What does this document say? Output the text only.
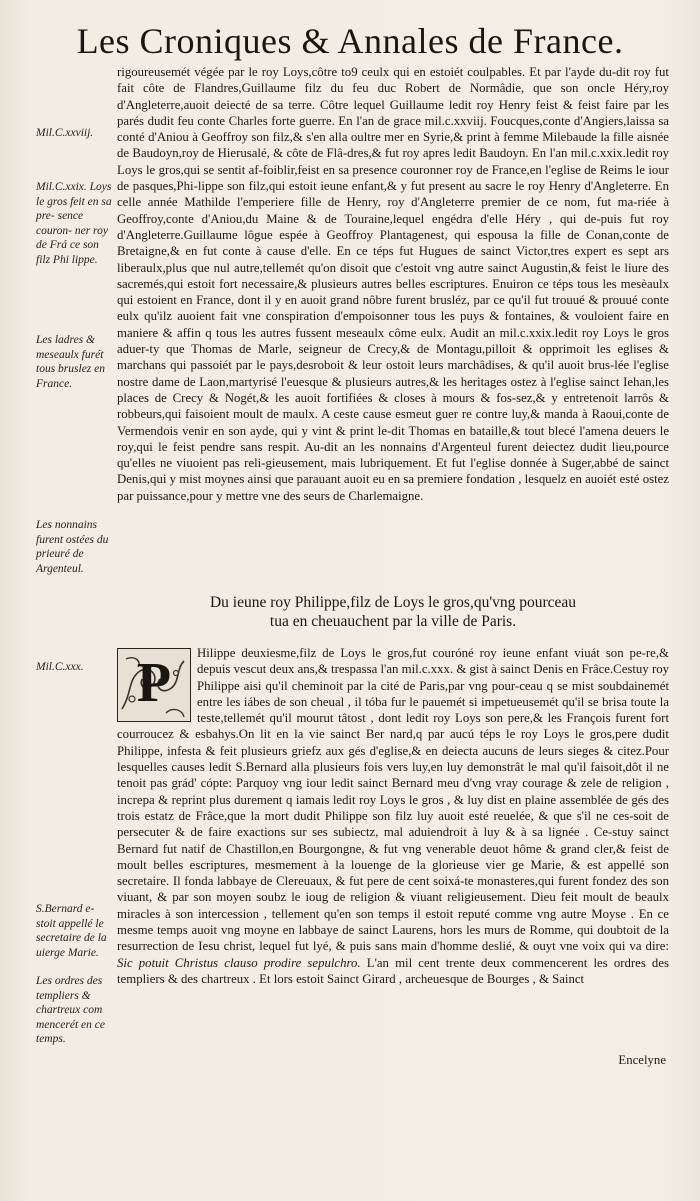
Les Croniques & Annales de France.
Mil.C.xxviij.
Mil.C.xxix. Loys le gros feit en sa pre- sence couron- ner roy de Frá ce son filz Phi lippe.
Les ladres & meseaulx furét tous bruslez en France.
Les nonnains furent ostées du prieuré de Argenteul.
Mil.C.xxx.
S.Bernard e- stoit appellé le secretaire de la uierge Marie.
Les ordres des templiers & chartreux com mencerét en ce temps.

rigoureusemét végée par le roy Loys,côtre to9 ceulx qui en estoiét coulpables. Et par l'ayde du-dit roy fut fait côte de Flandres,Guillaume filz du feu duc Robert de Normâdie, que son oncle Héry,roy d'Angleterre,auoit deiecté de sa terre. Côtre lequel Guillaume ledit roy Henry feist & feist faire par les parés dudit feu conte Charles forte guerre. En l'an de grace mil.c.xxviij. Foucques,conte d'Angiers,laissa sa conté d'Aniou à Geoffroy son filz,& s'en alla oultre mer en Syrie,& print à femme Milebaude la fille aisnée de Baudoyn,roy de Hierusalé, & côte de Flâ-dres,& fut roy apres ledit Baudoyn. En l'an mil.c.xxix.ledit roy Loys le gros,qui se sentit af-foiblir,feist en sa presence couronner roy de France,en l'eglise de Reims le iour de pasques,Phi-lippe son filz,qui estoit ieune enfant,& y fut present au sacre le roy Henry d'Angleterre. En celle année Mathilde l'emperiere fille de Henry, roy d'Angleterre premier de ce nom, fut ma-riée à Geoffroy,conte d'Aniou,du Maine & de Touraine,lequel engédra d'elle Héry , qui de-puis fut roy d'Angleterre.Guillaume lôgue espée à Geoffroy Plantagenest, qui espousa la fille de Conan,conte de Bretaigne,& en fut conte à cause d'elle. En ce téps fut Hugues de sainct Victor,tres expert es sept ars liberaulx,plus que nul autre,tellemét qu'on disoit que c'estoit vng autre sainct Augustin,& feist le liure des sacremés,qui estoit fort necessaire,& plusieurs autres belles escriptures. Enuiron ce téps tous les mesèaulx qui estoient en France, dont il y en auoit grand nôbre furent brusléz, par ce qu'il fut trouué & prouué conte eulx qu'ilz auoient fait vne conspiration d'empoisonner tous les puys & fontaines, & vouloient faire en maniere & affin q tous les autres fussent meseaulx côme eulx. Audit an mil.c.xxix.ledit roy Loys le gros aduer-ty que Thomas de Marle, seigneur de Crecy,& de Montagu,pilloit & opprimoit les eglises & marchans qui passoiét par le pays,desroboit & leur ostoit leurs marchâdises, & qu'il auoit brus-lée l'eglise nostre dame de Laon,martyrisé l'euesque & plusieurs autres,& les heritages ostez à l'eglise sainct Iehan,les places de Crecy & Nogét,& les auoit fortifiées & closes à mours & fos-sez,& y entretenoit larrôs & robbeurs,qui faisoient moult de maulx. A ceste cause esmeut guer re contre luy,& manda à Raoui,conte de Vermendois venir en son ayde, qui y vint & print le-dit Thomas en bataille,& tout blecé l'amena deuers le roy,qui le feist pendre sans respit. Au-dit an les nonnains d'Argenteul furent deiectez dudit lieu,pource qu'elles ne viuoient pas reli-gieusement, mais lubriquement. Et fut l'eglise donnée à Suger,abbé de sainct Denis,qui y mist moynes ainsi que parauant auoit eu en sa premiere fondation , lesquelz en auoiét esté ostez par puissance,pour y mettre vne des seurs de Charlemaigne.

Du ieune roy Philippe,filz de Loys le gros,qu'vng pourceau
tua en cheuauchent par la ville de Paris.
P	Hilippe deuxiesme,filz de Loys le gros,fut couróné roy ieune enfant viuát son pe-re,& depuis vescut deux ans,& trespassa l'an mil.c.xxx. & gist à sainct Denis en Frâce.Cestuy roy Philippe aisi qu'il cheminoit par la cité de Paris,par vng pour-ceau q se mist soubdainemét entre les iábes de son cheual , il tóba fur le pauemét si impetueusemét qu'il se brisa toute la teste,tellemét qu'il mourut tâtost , dont ledit roy Loys son pere,& les François furent fort courroucez & esbahys.On lit en la vie sainct Ber nard,q par aucú téps le roy Loys le gros,pere dudit Philippe, infesta & feit plusieurs griefz aux gés d'eglise,& en deiecta aucuns de leurs sieges & citez.Pour lesquelles causes ledit S.Bernard alla plusieurs fois vers luy,en luy demonstrât le mal qu'il faisoit,dôt il ne tenoit pas grád' cópte: Parquoy vng iour ledit sainct Bernard meu d'vng vray courage & zele de religion , increpa & reprint plus durement q iamais ledit roy Loys le gros , & luy dist en plaine assemblée de gés des trois estatz de Frâce,que la mort dudit Philippe son filz luy auoit esté reuelée, & que s'il ne ces-soit de persecuter & de faire exactions sur ses subiectz, mal aduiendroit à luy & à sa lignée . Ce-stuy sainct Bernard fut natif de Chastillon,en Bourgongne, & fut vng venerable deuot hôme & grand cler,& feist de moult belles escriptures, mesmement à la louenge de la glorieuse vier ge Marie, & est appellé son secretaire. Il fonda labbaye de Clereuaux, & fut pere de cent soixá-te monasteres,qui furent fondez des son viuant, & par son moyen soubz le ioug de religion & viuant religieusement. Dieu feit moult de beaulx miracles à son intercession , tellement qu'en son temps il estoit reputé comme vng autre Moyse . En ce mesme temps auoit vng moyne en labbaye de sainct Laurens, hors les murs de Romme, qui doubtoit de la resurrection de Iesu christ, lequel fut lyé, & puis sans main d'homme deslié, & ouyt vne voix qui va dire: Sic potuit Christus clauso prodire sepulchro. L'an mil cent trente deux commencerent les ordres des templiers & des chartreux . Et lors estoit Sainct Girard , archeuesque de Bourges , & Sainct

Encelyne
